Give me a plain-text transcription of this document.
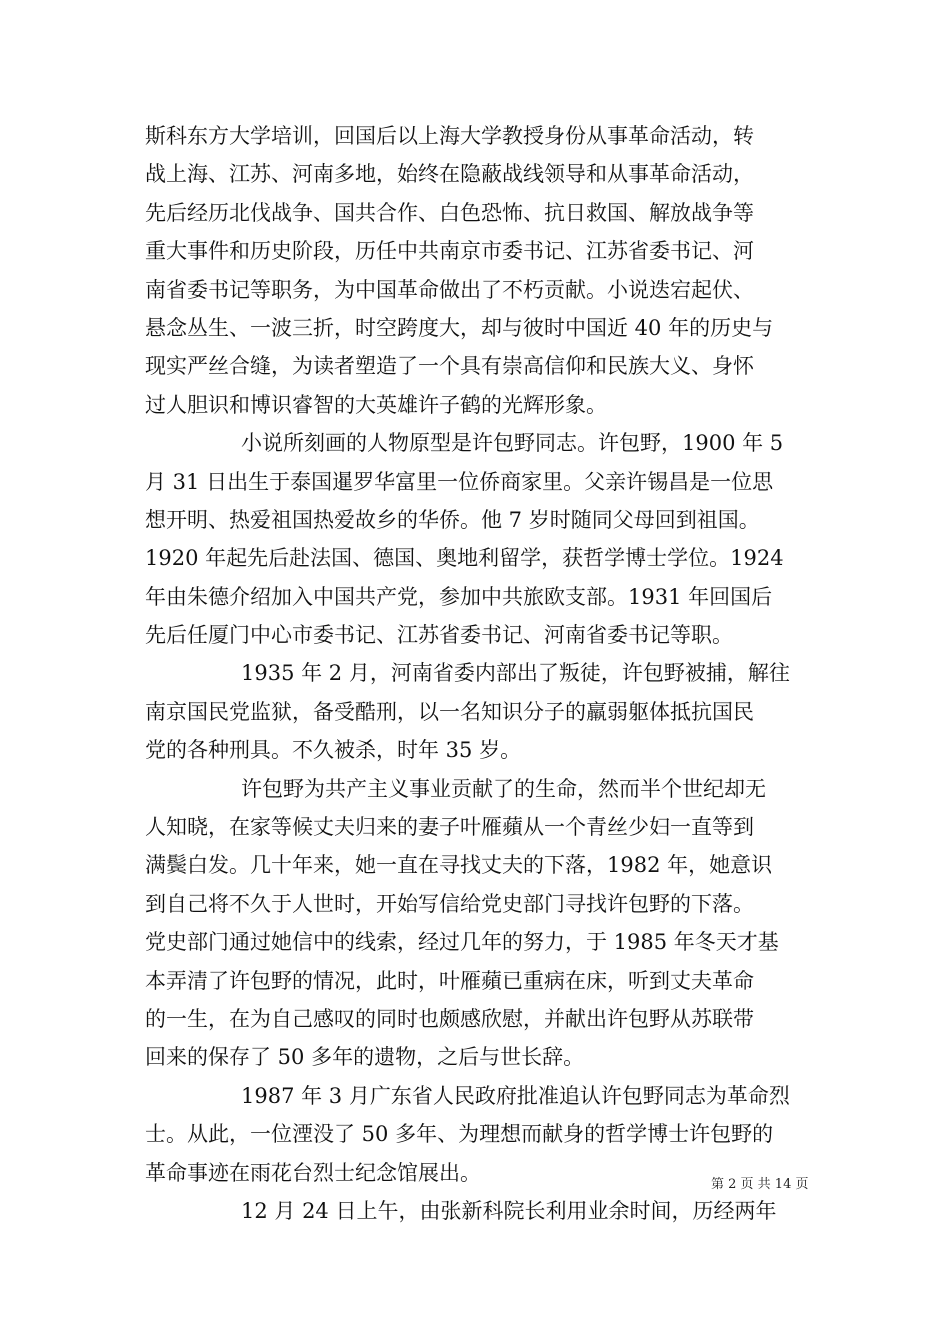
斯科东方大学培训，回国后以上海大学教授身份从事革命活动，转
战上海、江苏、河南多地，始终在隐蔽战线领导和从事革命活动，
先后经历北伐战争、国共合作、白色恐怖、抗日救国、解放战争等
重大事件和历史阶段，历任中共南京市委书记、江苏省委书记、河
南省委书记等职务，为中国革命做出了不朽贡献。小说迭宕起伏、
悬念丛生、一波三折，时空跨度大，却与彼时中国近 40 年的历史与
现实严丝合缝，为读者塑造了一个具有崇高信仰和民族大义、身怀
过人胆识和博识睿智的大英雄许子鹤的光辉形象。
小说所刻画的人物原型是许包野同志。许包野，1900 年 5
月 31 日出生于泰国暹罗华富里一位侨商家里。父亲许锡昌是一位思
想开明、热爱祖国热爱故乡的华侨。他 7 岁时随同父母回到祖国。
1920 年起先后赴法国、德国、奥地利留学，获哲学博士学位。1924
年由朱德介绍加入中国共产党，参加中共旅欧支部。1931 年回国后
先后任厦门中心市委书记、江苏省委书记、河南省委书记等职。
1935 年 2 月，河南省委内部出了叛徒，许包野被捕，解往
南京国民党监狱，备受酷刑，以一名知识分子的羸弱躯体抵抗国民
党的各种刑具。不久被杀，时年 35 岁。
许包野为共产主义事业贡献了的生命，然而半个世纪却无
人知晓，在家等候丈夫归来的妻子叶雁蘋从一个青丝少妇一直等到
满鬓白发。几十年来，她一直在寻找丈夫的下落，1982 年，她意识
到自己将不久于人世时，开始写信给党史部门寻找许包野的下落。
党史部门通过她信中的线索，经过几年的努力，于 1985 年冬天才基
本弄清了许包野的情况，此时，叶雁蘋已重病在床，听到丈夫革命
的一生，在为自己感叹的同时也颇感欣慰，并献出许包野从苏联带
回来的保存了 50 多年的遗物，之后与世长辞。
1987 年 3 月广东省人民政府批准追认许包野同志为革命烈
士。从此，一位湮没了 50 多年、为理想而献身的哲学博士许包野的
革命事迹在雨花台烈士纪念馆展出。
12 月 24 日上午，由张新科院长利用业余时间，历经两年
第 2 页 共 14 页
